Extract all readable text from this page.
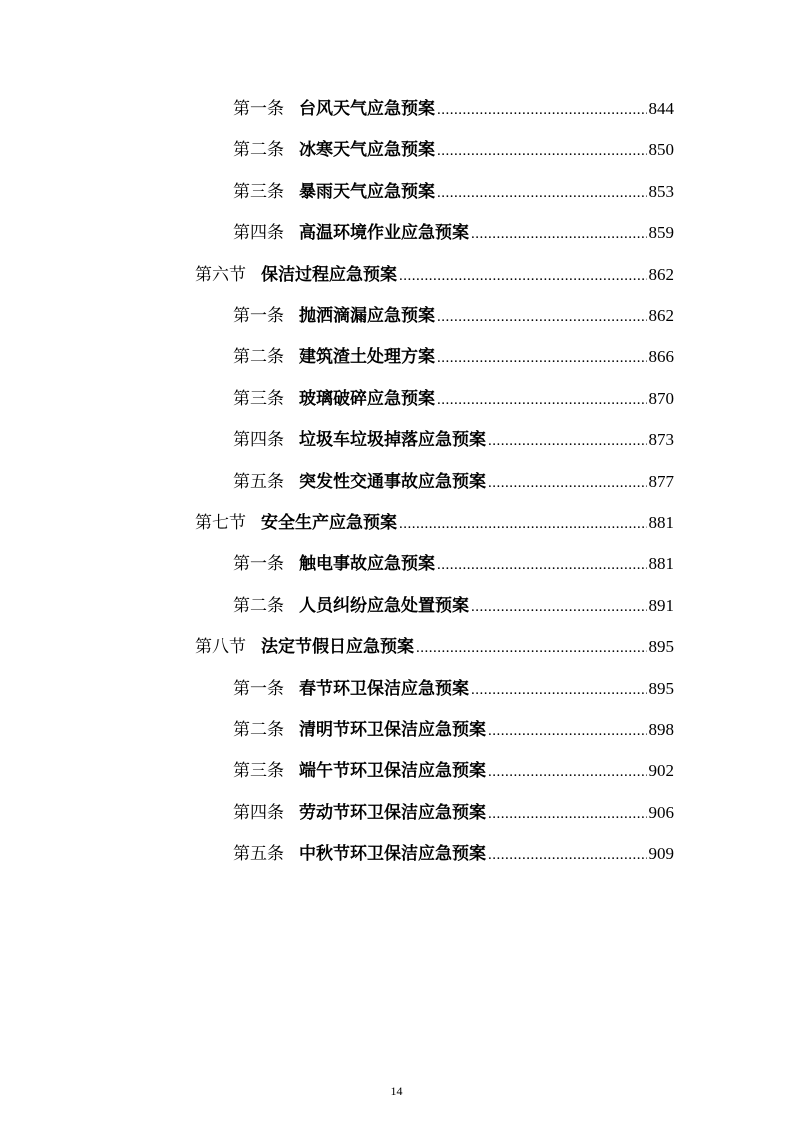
第一条 台风天气应急预案 .....	844
第二条 冰寒天气应急预案 .....	850
第三条 暴雨天气应急预案 .....	853
第四条 高温环境作业应急预案 .....	859
第六节 保洁过程应急预案 .....	862
第一条 抛洒滴漏应急预案 .....	862
第二条 建筑渣土处理方案 .....	866
第三条 玻璃破碎应急预案 .....	870
第四条 垃圾车垃圾掉落应急预案 .....	873
第五条 突发性交通事故应急预案 .....	877
第七节 安全生产应急预案 .....	881
第一条 触电事故应急预案 .....	881
第二条 人员纠纷应急处置预案 .....	891
第八节 法定节假日应急预案 .....	895
第一条 春节环卫保洁应急预案 .....	895
第二条 清明节环卫保洁应急预案 .....	898
第三条 端午节环卫保洁应急预案 .....	902
第四条 劳动节环卫保洁应急预案 .....	906
第五条 中秋节环卫保洁应急预案 .....	909
14
